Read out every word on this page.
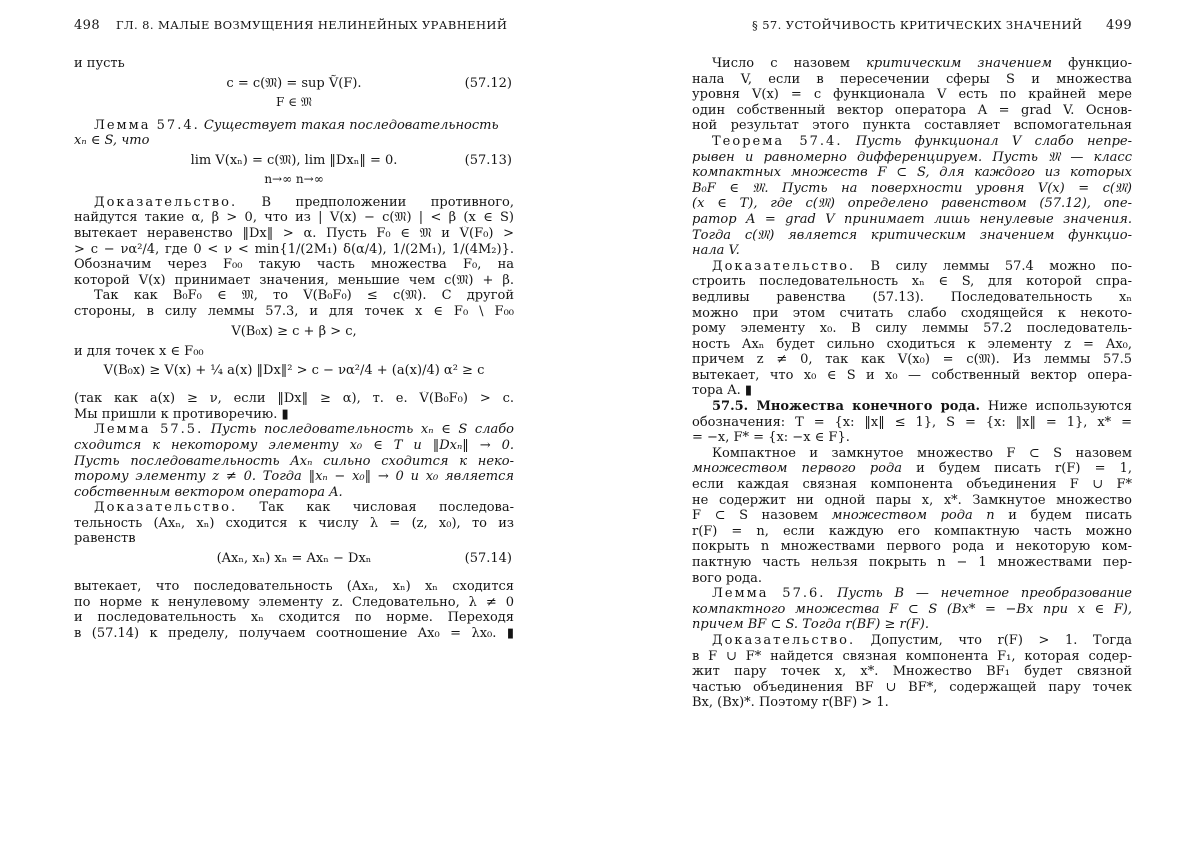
498 ГЛ. 8. МАЛЫЕ ВОЗМУЩЕНИЯ НЕЛИНЕЙНЫХ УРАВНЕНИЙ
и пусть
c = c(𝔐) = sup Ṽ(F).	(57.12)
F ∈ 𝔐
Лемма 57.4. Существует такая последовательность
xₙ ∈ S, что
lim V(xₙ) = c(𝔐), lim ‖Dxₙ‖ = 0.	(57.13)
n→∞ n→∞
Доказательство. В предположении противного,
найдутся такие α, β > 0, что из | V(x) − c(𝔐) | < β (x ∈ S)
вытекает неравенство ‖Dx‖ > α. Пусть F₀ ∈ 𝔐 и Ṽ(F₀) >
> c − να²/4, где 0 < ν < min{1/(2M₁) δ(α/4), 1/(2M₁), 1/(4M₂)}.
Обозначим через F₀₀ такую часть множества F₀, на
которой V(x) принимает значения, меньшие чем c(𝔐) + β.
Так как B₀F₀ ∈ 𝔐, то Ṽ(B₀F₀) ≤ c(𝔐). С другой
стороны, в силу леммы 57.3, и для точек x ∈ F₀ \ F₀₀
V(B₀x) ≥ c + β > c,
и для точек x ∈ F₀₀
V(B₀x) ≥ V(x) + ¼ a(x) ‖Dx‖² > c − να²/4 + (a(x)/4) α² ≥ c
(так как a(x) ≥ ν, если ‖Dx‖ ≥ α), т. е. Ṽ(B₀F₀) > c.
Мы пришли к противоречию. ▮
Лемма 57.5. Пусть последовательность xₙ ∈ S слабо
сходится к некоторому элементу x₀ ∈ T и ‖Dxₙ‖ → 0.
Пусть последовательность Axₙ сильно сходится к неко-
торому элементу z ≠ 0. Тогда ‖xₙ − x₀‖ → 0 и x₀ является
собственным вектором оператора A.
Доказательство. Так как числовая последова-
тельность (Axₙ, xₙ) сходится к числу λ = (z, x₀), то из
равенств
(Axₙ, xₙ) xₙ = Axₙ − Dxₙ	(57.14)
вытекает, что последовательность (Axₙ, xₙ) xₙ сходится
по норме к ненулевому элементу z. Следовательно, λ ≠ 0
и последовательность xₙ сходится по норме. Переходя
в (57.14) к пределу, получаем соотношение Ax₀ = λx₀. ▮
§ 57. УСТОЙЧИВОСТЬ КРИТИЧЕСКИХ ЗНАЧЕНИЙ	499
Число c назовем критическим значением функцио-
нала V, если в пересечении сферы S и множества
уровня V(x) = c функционала V есть по крайней мере
один собственный вектор оператора A = grad V. Основ-
ной результат этого пункта составляет вспомогательная
Теорема 57.4. Пусть функционал V слабо непре-
рывен и равномерно дифференцируем. Пусть 𝔐 — класс
компактных множеств F ⊂ S, для каждого из которых
B₀F ∈ 𝔐. Пусть на поверхности уровня V(x) = c(𝔐)
(x ∈ T), где c(𝔐) определено равенством (57.12), опе-
ратор A = grad V принимает лишь ненулевые значения.
Тогда c(𝔐) является критическим значением функцио-
нала V.
Доказательство. В силу леммы 57.4 можно по-
строить последовательность xₙ ∈ S, для которой спра-
ведливы равенства (57.13). Последовательность xₙ
можно при этом считать слабо сходящейся к некото-
рому элементу x₀. В силу леммы 57.2 последователь-
ность Axₙ будет сильно сходиться к элементу z = Ax₀,
причем z ≠ 0, так как V(x₀) = c(𝔐). Из леммы 57.5
вытекает, что x₀ ∈ S и x₀ — собственный вектор опера-
тора A. ▮
57.5. Множества конечного рода. Ниже используются
обозначения: T = {x: ‖x‖ ≤ 1}, S = {x: ‖x‖ = 1}, x* =
= −x, F* = {x: −x ∈ F}.
Компактное и замкнутое множество F ⊂ S назовем
множеством первого рода и будем писать r(F) = 1,
если каждая связная компонента объединения F ∪ F*
не содержит ни одной пары x, x*. Замкнутое множество
F ⊂ S назовем множеством рода n и будем писать
r(F) = n, если каждую его компактную часть можно
покрыть n множествами первого рода и некоторую ком-
пактную часть нельзя покрыть n − 1 множествами пер-
вого рода.
Лемма 57.6. Пусть B — нечетное преобразование
компактного множества F ⊂ S (Bx* = −Bx при x ∈ F),
причем BF ⊂ S. Тогда r(BF) ≥ r(F).
Доказательство. Допустим, что r(F) > 1. Тогда
в F ∪ F* найдется связная компонента F₁, которая содер-
жит пару точек x, x*. Множество BF₁ будет связной
частью объединения BF ∪ BF*, содержащей пару точек
Bx, (Bx)*. Поэтому r(BF) > 1.
